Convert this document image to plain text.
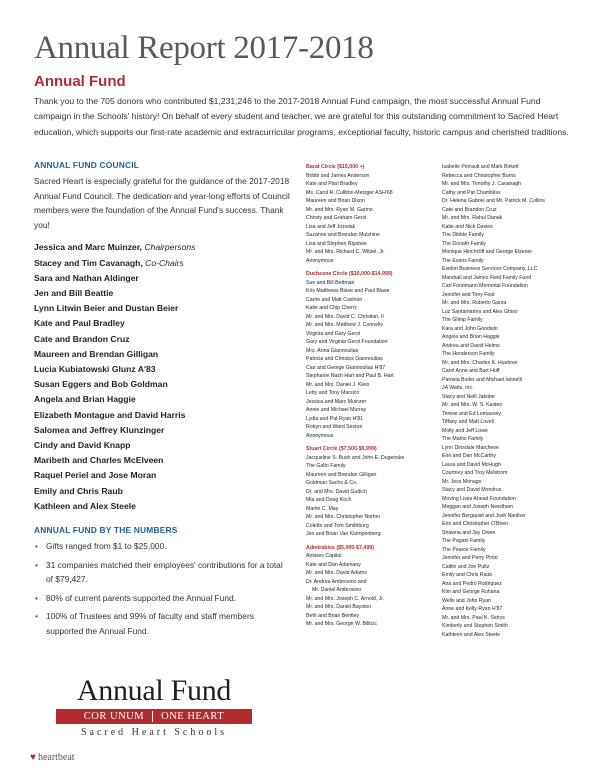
Annual Report 2017-2018
Annual Fund

Thank you to the 705 donors who contributed $1,231,246 to the 2017-2018 Annual Fund campaign, the most successful Annual Fund campaign in the Schools' history! On behalf of every student and teacher, we are grateful for this outstanding commitment to Sacred Heart education, which supports our first-rate academic and extracurricular programs, exceptional faculty, historic campus and cherished traditions.

ANNUAL FUND COUNCIL

Sacred Heart is especially grateful for the guidance of the 2017-2018 Annual Fund Council. The dedication and year-long efforts of Council members were the foundation of the Annual Fund's success. Thank you!

Jessica and Marc Muinzer, Chairpersons
Stacey and Tim Cavanagh, Co-Chairs
Sara and Nathan Aldinger
Jen and Bill Beattie
Lynn Litwin Beier and Dustan Beier
Kate and Paul Bradley
Cate and Brandon Cruz
Maureen and Brendan Gilligan
Lucia Kubiatowski Glunz A'83
Susan Eggers and Bob Goldman
Angela and Brian Haggie
Elizabeth Montague and David Harris
Salomea and Jeffrey Klunzinger
Cindy and David Knapp
Maribeth and Charles McElveen
Raquel Periel and Jose Moran
Emily and Chris Raub
Kathleen and Alex Steele
ANNUAL FUND BY THE NUMBERS
• Gifts ranged from $1 to $25,000.
• 31 companies matched their employees' contributions for a total of $79,427.
• 80% of current parents supported the Annual Fund.
• 100% of Trustees and 99% of faculty and staff members supported the Annual Fund.
Annual Fund
COR UNUM ONE HEART
Sacred Heart Schools
♥ heartbeat
Barat Circle ($15,000 +)
Bobbi and James Anderson
Kate and Paul Bradley
Ms. Carol R. Culliton-Metzger ASH'68
Maureen and Brian Dixon
Mr. and Mrs. Ryan M. Garino
Christy and Graham Gerst
Lisa and Jeff Jozwiak
Suzanne and Brendan Mulshine
Lisa and Stephen Rigsbee
Mr. and Mrs. Richard C. Witzel, Jr.
Anonymous
Duchesne Circle ($10,000-$14,999)
Sue and Bill Bettman
Kris Matthews Blase and Paul Blase
Carrie and Matt Cashion
Katie and Chip Cherry
Mr. and Mrs. David C. Christian, II
Mr. and Mrs. Matthew J. Connelly
Virginia and Gary Gerst
Gary and Virginia Gerst Foundation
Mrs. Anna Giannoulias
Patricia and Christos Giannoulias
Cari and George Giannoulias H'87
Stephanie Nash Hart and Paul B. Hart
Mr. and Mrs. Daniel J. Klein
Letty and Tony Marsico
Jessica and Marc Muinzer
Annie and Michael Murray
Lydia and Pat Ryan H'81
Robyn and Ward Sexton
Anonymous
Stuart Circle ($7,500-$9,999)
Jacqueline S. Bush and John E. Dugenske
The Galto Family
Maureen and Brendan Gilligan
Goldman Sachs & Co.
Dr. and Mrs. David Gudich
Mia and Doug Koch
Martin C. May
Mr. and Mrs. Christopher Norton
Colette and Tom Smithburg
Jen and Brian Van Klompenberg
Admirables ($5,000-$7,499)
Antares Capital
Kate and Dan Adamany
Mr. and Mrs. David Adams
Dr. Andrea Ambrosino and
Mr. Daniel Ambrosino
Mr. and Mrs. Joseph C. Arnold, Jr.
Mr. and Mrs. Daniel Bayston
Beth and Brian Bentley
Mr. and Mrs. George W. Billicic
Isabelle Perrault and Mark Birkett
Rebecca and Christopher Burns
Mr. and Mrs. Timothy J. Cavanagh
Cathy and Pat Chambliss
Dr. Helena Gabriel and Mr. Patrick M. Collins
Cate and Brandon Cruz
Mr. and Mrs. Rahul Danak
Katie and Nick Davies
The Dibble Family
The Donath Family
Monique Hinchcliff and George Elsener
The Evans Family
Exelon Business Services Company, LLC
Marshall and James Field Family Fund
Carl Forstmann Memorial Foundation
Jennifer and Tony Fout
Mr. and Mrs. Roberto Garza
Luz Santamarina and Alex Ghiso
The Glimp Family
Kara and John Goodwin
Angela and Brian Haggie
Andrea and David Helms
The Henderson Family
Mr. and Mrs. Charles K. Huebner
Carol Anne and Bart Huff
Pamela Butler and Michael Iannelli
JA Watts, Inc.
Stacy and Neill Jakobe
Mr. and Mrs. W. S. Kasten
Terese and Ed Lomasney
Tiffany and Matt Lovell
Molly and Jeff Lowe
The Mahio Family
Lynn Dinsdale Marchese
Erin and Dan McCarthy
Laura and David McHugh
Courtney and Troy Melstrom
Mr. Jess Monago
Stacy and David Mondrus
Moving Lives Ahead Foundation
Meggan and Joseph Needham
Jennifer Bergquist and Josh Niedner
Erin and Christopher O'Brien
Shawna and Jay Owen
The Pagani Family
The Pearce Family
Jennifer and Perry Pinto
Caitlin and Joe Pultz
Emily and Chris Raub
Ana and Pedro Rodriguez
Kim and George Ruhana
Wells and John Ryan
Anne and Kelly Ryan H'87
Mr. and Mrs. Paul K. Sidrys
Kimberly and Stephen Smith
Kathleen and Alex Steele
